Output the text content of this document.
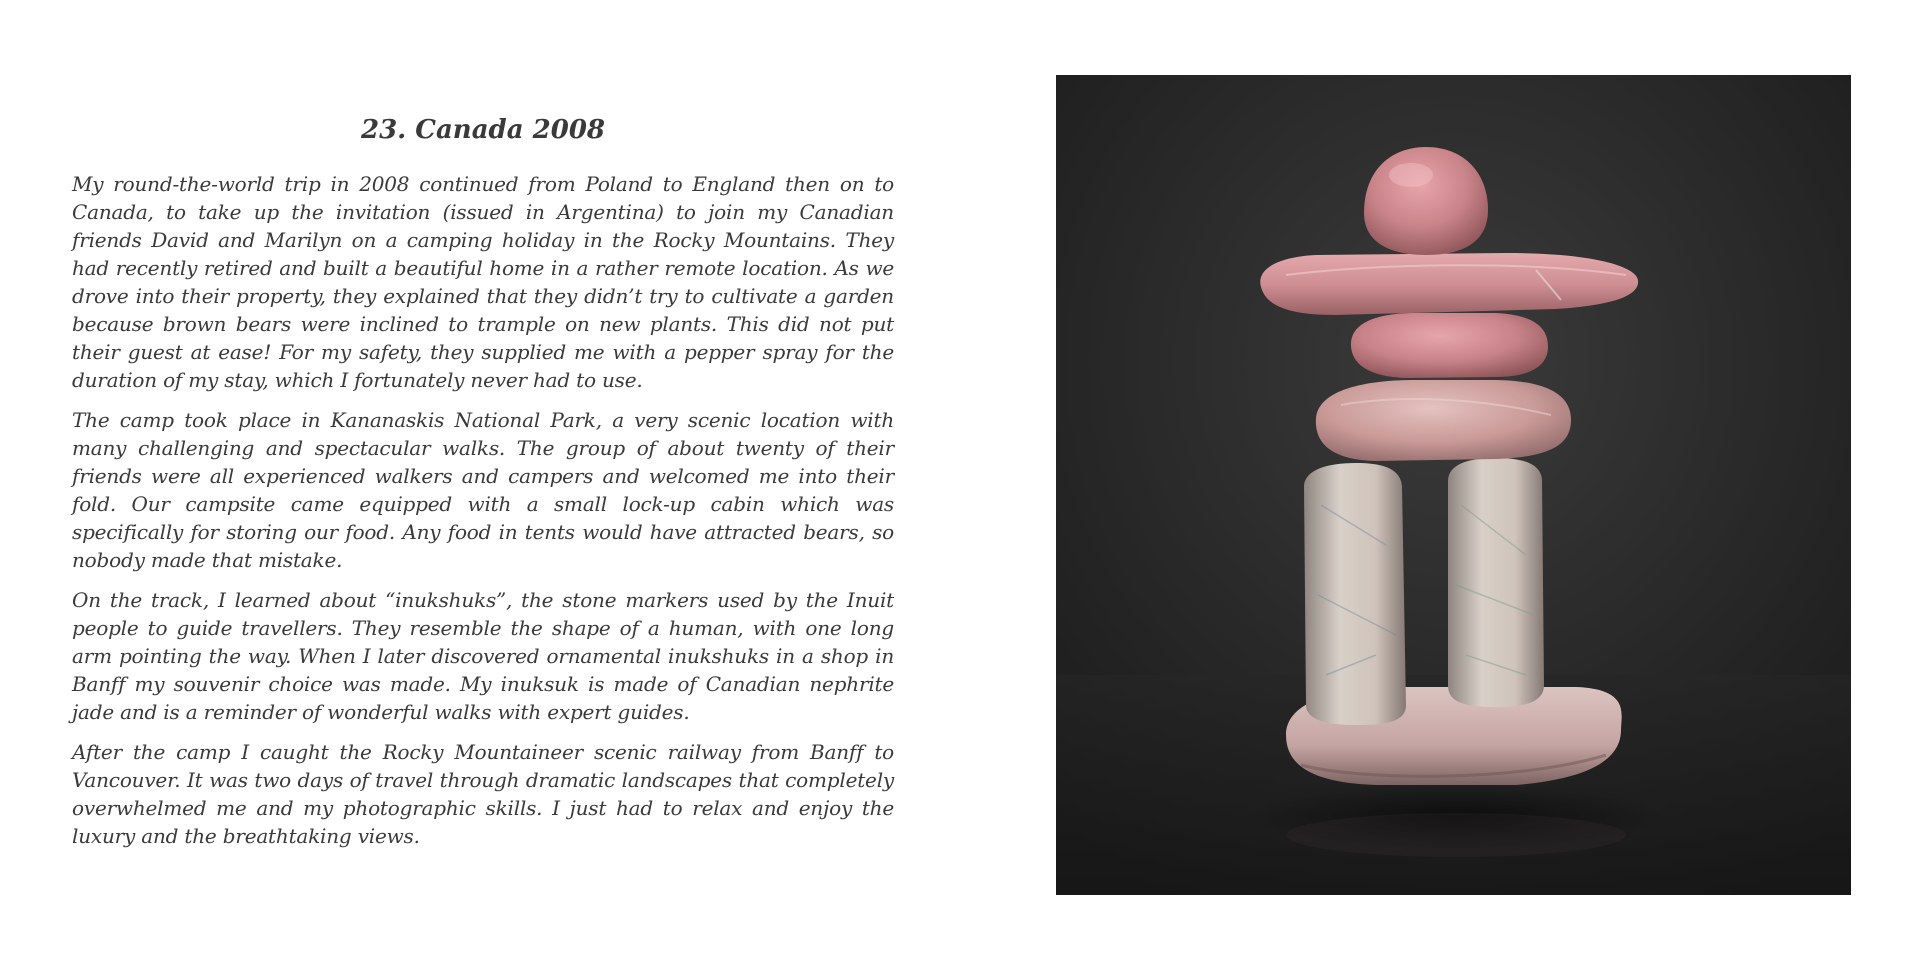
23. Canada 2008

My round-the-world trip in 2008 continued from Poland to England then on to Canada, to take up the invitation (issued in Argentina) to join my Canadian friends David and Marilyn on a camping holiday in the Rocky Mountains. They had recently retired and built a beautiful home in a rather remote location. As we drove into their property, they explained that they didn’t try to cultivate a garden because brown bears were inclined to trample on new plants. This did not put their guest at ease! For my safety, they supplied me with a pepper spray for the duration of my stay, which I fortunately never had to use.

The camp took place in Kananaskis National Park, a very scenic location with many challenging and spectacular walks. The group of about twenty of their friends were all experienced walkers and campers and welcomed me into their fold. Our campsite came equipped with a small lock-up cabin which was specifically for storing our food. Any food in tents would have attracted bears, so nobody made that mistake.

On the track, I learned about “inukshuks”, the stone markers used by the Inuit people to guide travellers. They resemble the shape of a human, with one long arm pointing the way. When I later discovered ornamental inukshuks in a shop in Banff my souvenir choice was made. My inuksuk is made of Canadian nephrite jade and is a reminder of wonderful walks with expert guides.

After the camp I caught the Rocky Mountaineer scenic railway from Banff to Vancouver. It was two days of travel through dramatic landscapes that completely overwhelmed me and my photographic skills. I just had to relax and enjoy the luxury and the breathtaking views.
